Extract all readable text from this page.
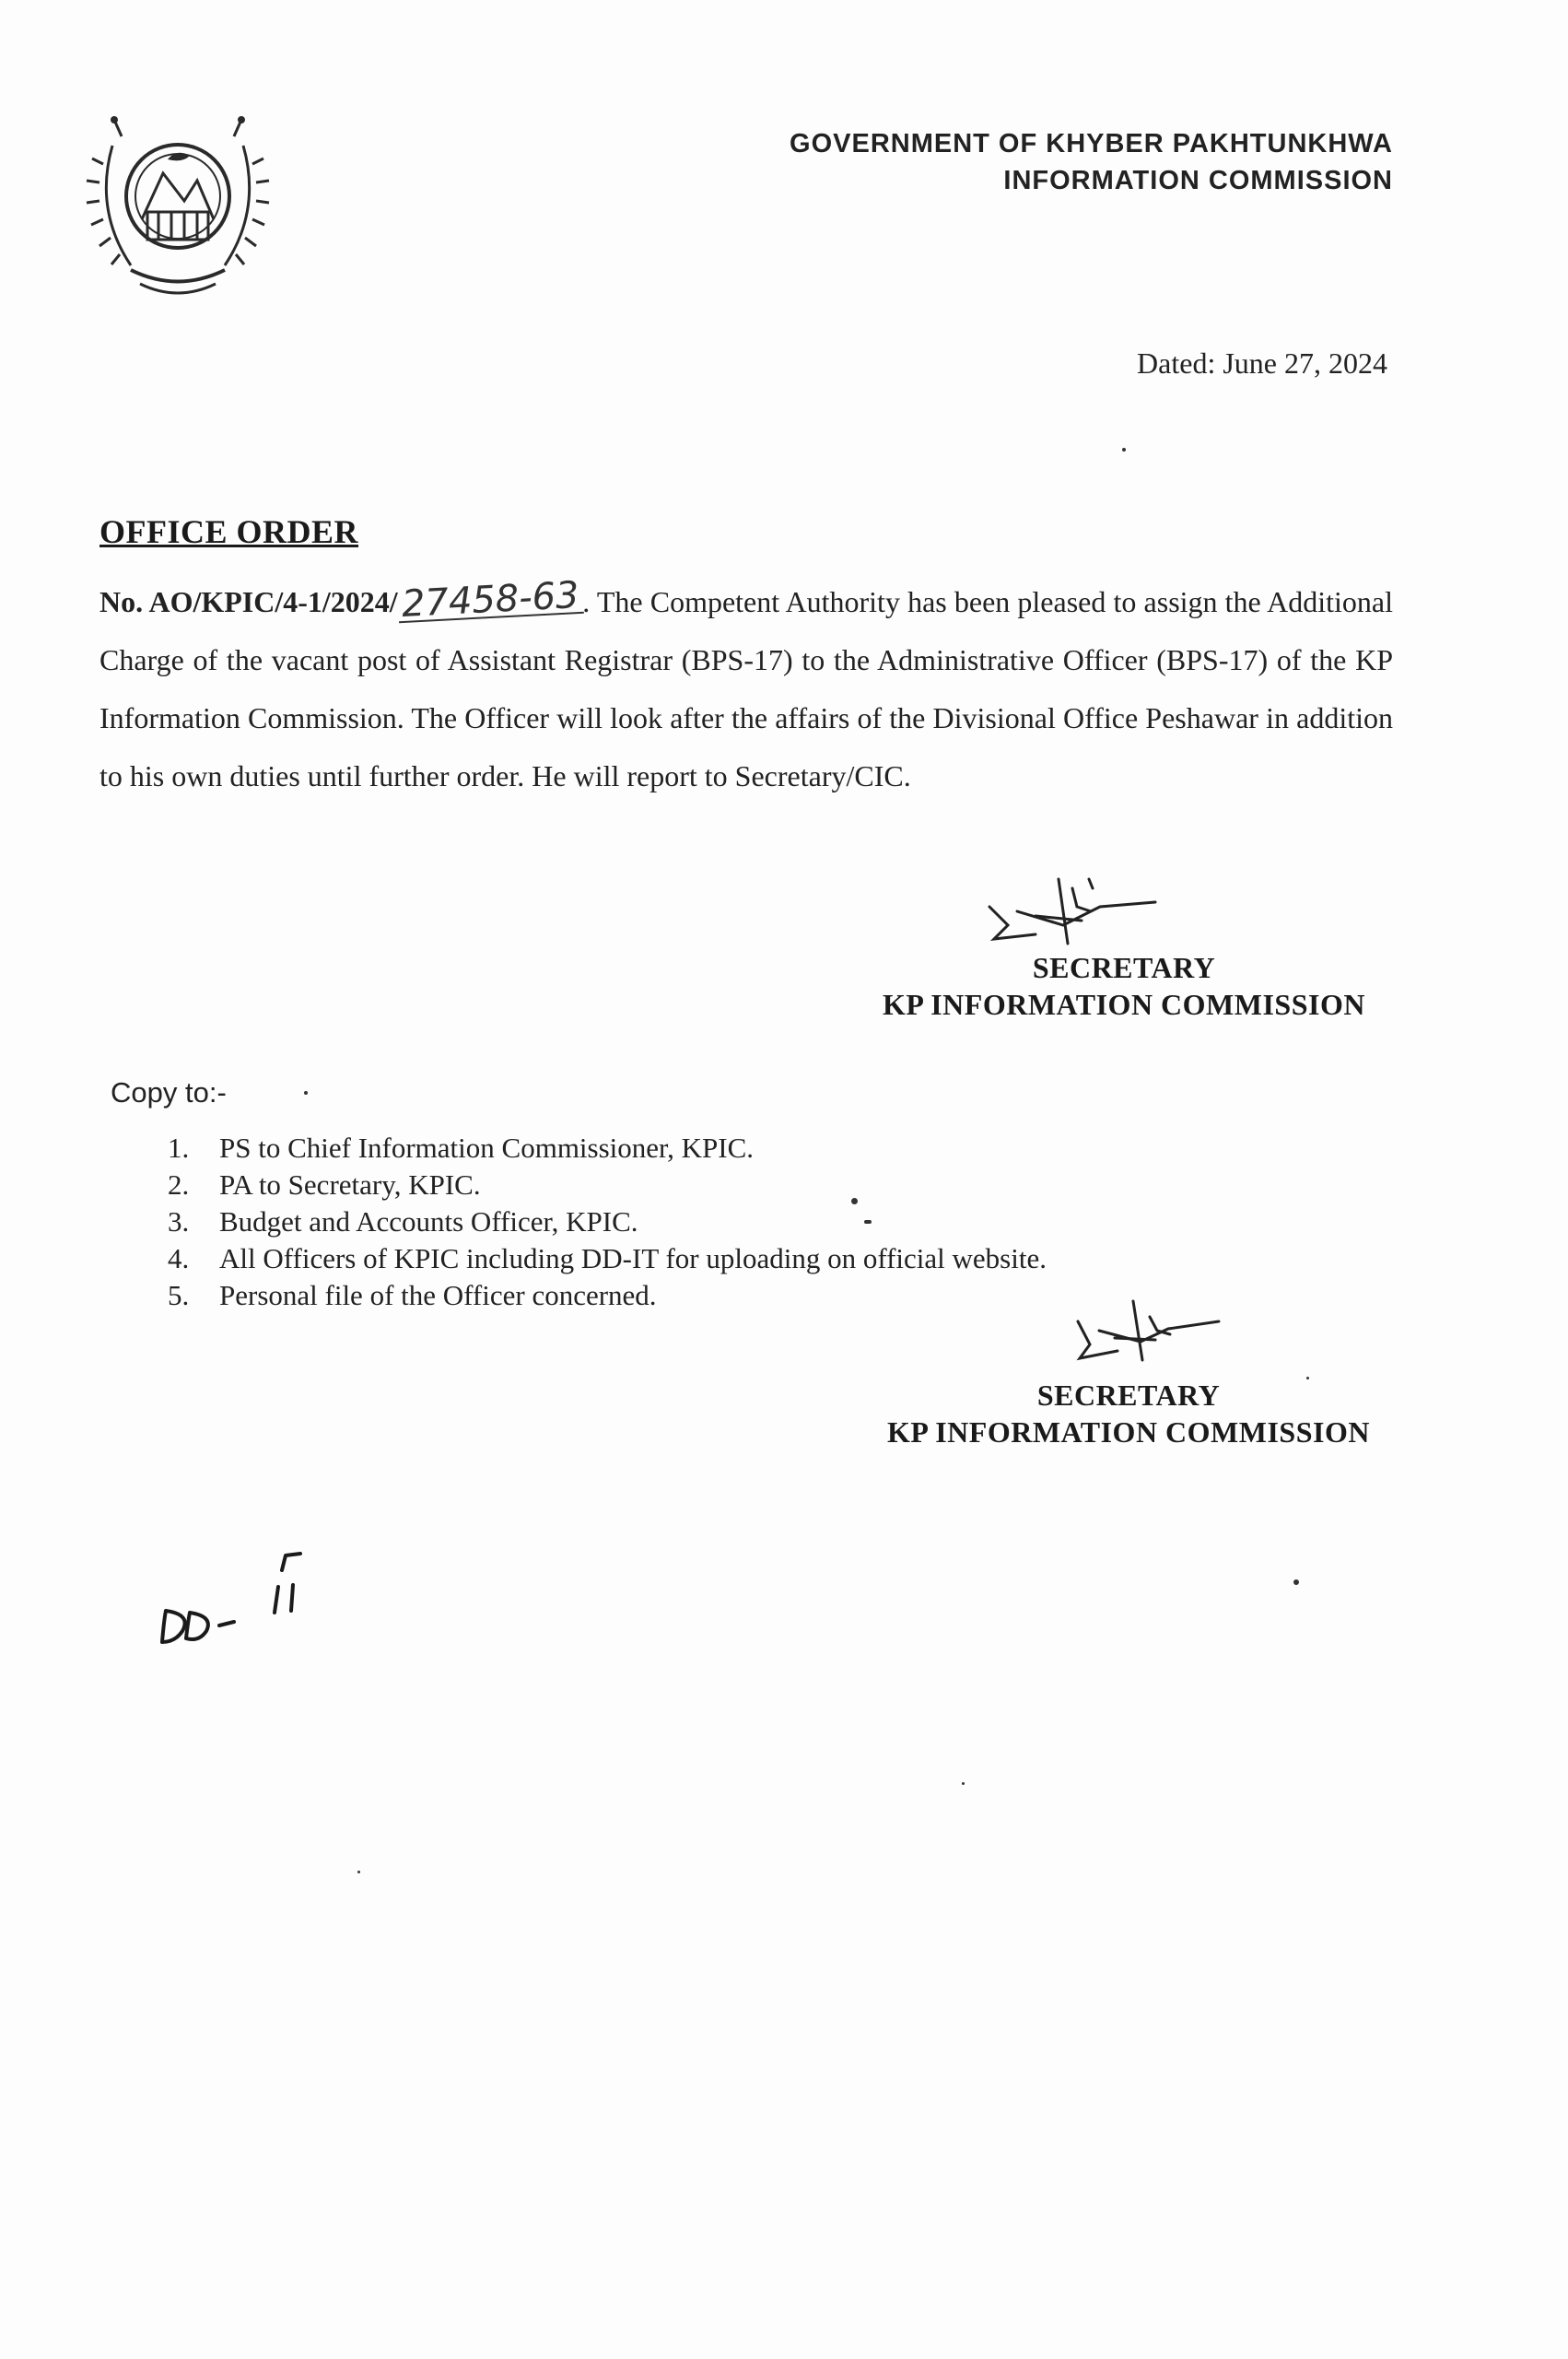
GOVERNMENT OF KHYBER PAKHTUNKHWA
INFORMATION COMMISSION
Dated: June 27, 2024
OFFICE ORDER
No. AO/KPIC/4-1/2024/27458-63. The Competent Authority has been pleased to assign the Additional Charge of the vacant post of Assistant Registrar (BPS-17) to the Administrative Officer (BPS-17) of the KP Information Commission. The Officer will look after the affairs of the Divisional Office Peshawar in addition to his own duties until further order. He will report to Secretary/CIC.
SECRETARY
KP INFORMATION COMMISSION
Copy to:-
1.	PS to Chief Information Commissioner, KPIC.
2.	PA to Secretary, KPIC.
3.	Budget and Accounts Officer, KPIC.
4.	All Officers of KPIC including DD-IT for uploading on official website.
5.	Personal file of the Officer concerned.
SECRETARY
KP INFORMATION COMMISSION
